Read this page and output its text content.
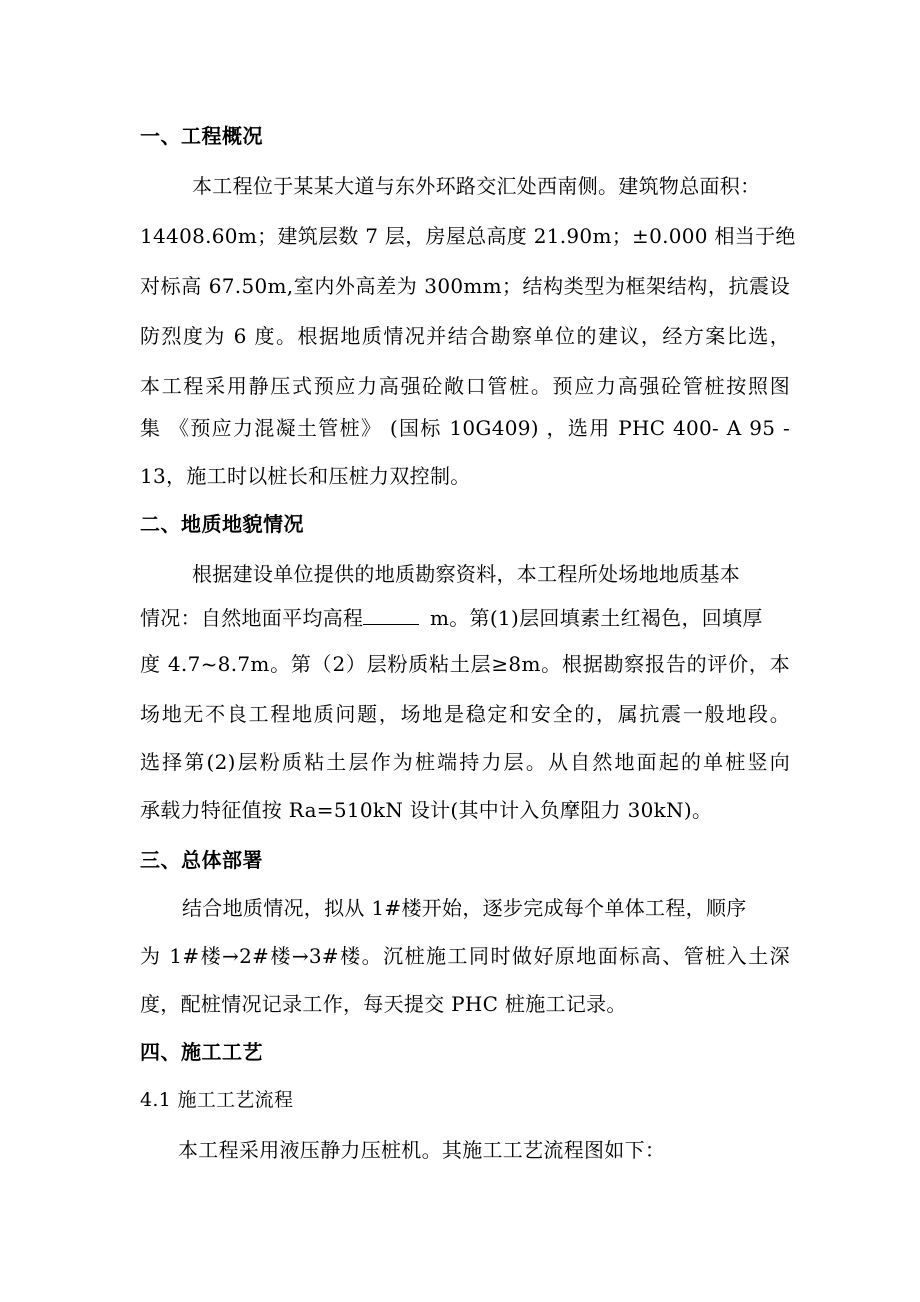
一、工程概况
本工程位于某某大道与东外环路交汇处西南侧。建筑物总面积：
14408.60m；建筑层数 7 层，房屋总高度 21.90m；±0.000 相当于绝
对标高 67.50m,室内外高差为 300mm；结构类型为框架结构，抗震设
防烈度为 6 度。根据地质情况并结合勘察单位的建议，经方案比选，
本工程采用静压式预应力高强砼敞口管桩。预应力高强砼管桩按照图
集 《预应力混凝土管桩》 (国标 10G409) ，选用 PHC 400- A 95 -
13，施工时以桩长和压桩力双控制。
二、地质地貌情况
根据建设单位提供的地质勘察资料，本工程所处场地地质基本
情况：自然地面平均高程	m。第(1)层回填素土红褐色，回填厚
度 4.7~8.7m。第（2）层粉质粘土层≥8m。根据勘察报告的评价，本
场地无不良工程地质问题，场地是稳定和安全的，属抗震一般地段。
选择第(2)层粉质粘土层作为桩端持力层。从自然地面起的单桩竖向
承载力特征值按 Ra=510kN 设计(其中计入负摩阻力 30kN)。
三、总体部署
结合地质情况，拟从 1#楼开始，逐步完成每个单体工程，顺序
为 1#楼→2#楼→3#楼。沉桩施工同时做好原地面标高、管桩入土深
度，配桩情况记录工作，每天提交 PHC 桩施工记录。
四、施工工艺
4.1 施工工艺流程
本工程采用液压静力压桩机。其施工工艺流程图如下：
